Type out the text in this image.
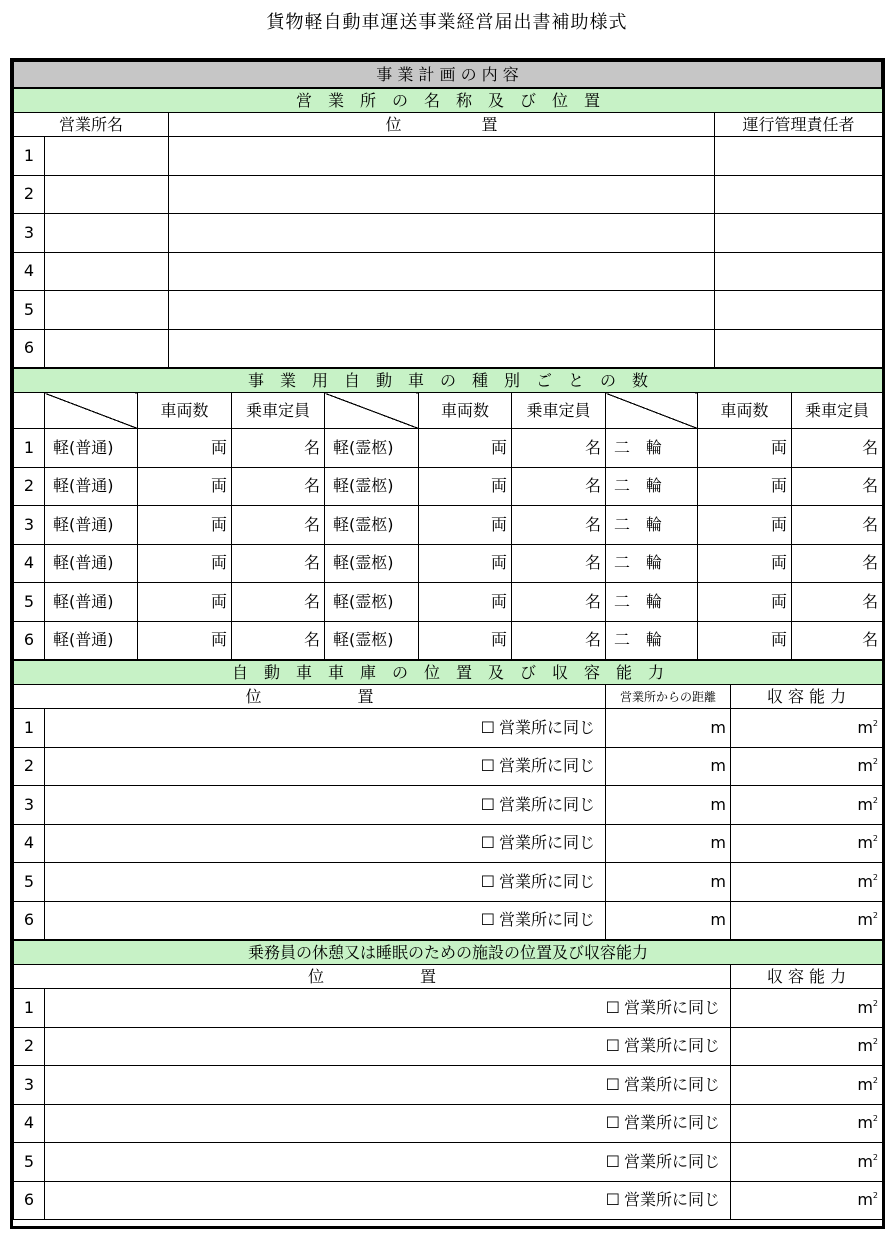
貨物軽自動車運送事業経営届出書補助様式
事 業 計 画 の 内 容
営　業　所　の　名　称　及　び　位　置			
営業所名		位　　　　　置	運行管理責任者
1			
2			
3			
4			
5			
6			
事　業　用　自　動　車　の　種　別　ご　と　の　数									
		車両数	乗車定員		車両数	乗車定員		車両数	乗車定員
1	軽(普通)	両	名	軽(霊柩)	両	名	二　輪	両	名
2	軽(普通)	両	名	軽(霊柩)	両	名	二　輪	両	名
3	軽(普通)	両	名	軽(霊柩)	両	名	二　輪	両	名
4	軽(普通)	両	名	軽(霊柩)	両	名	二　輪	両	名
5	軽(普通)	両	名	軽(霊柩)	両	名	二　輪	両	名
6	軽(普通)	両	名	軽(霊柩)	両	名	二　輪	両	名
自　動　車　車　庫　の　位　置　及　び　収　容　能　力			
位　　　　　　置		営業所からの距離	収 容 能 力
1	☐ 営業所に同じ	m	$m^2$
2	☐ 営業所に同じ	m	$m^2$
3	☐ 営業所に同じ	m	$m^2$
4	☐ 営業所に同じ	m	$m^2$
5	☐ 営業所に同じ	m	$m^2$
6	☐ 営業所に同じ	m	$m^2$
乗務員の休憩又は睡眠のための施設の位置及び収容能力		
位　　　　　　置		収 容 能 力
1	☐ 営業所に同じ	$m^2$
2	☐ 営業所に同じ	$m^2$
3	☐ 営業所に同じ	$m^2$
4	☐ 営業所に同じ	$m^2$
5	☐ 営業所に同じ	$m^2$
6	☐ 営業所に同じ	$m^2$
